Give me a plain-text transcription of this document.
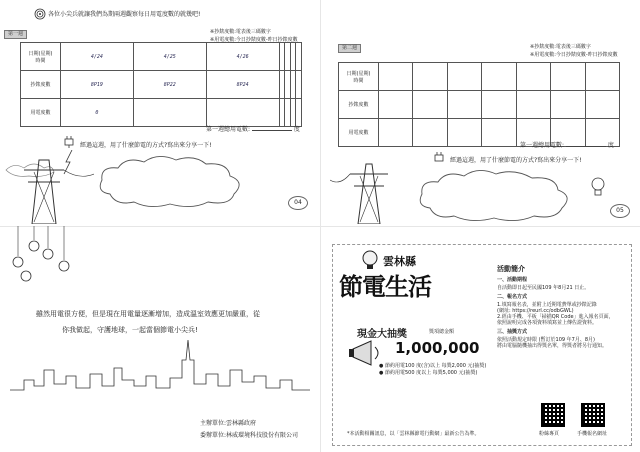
各位小尖兵就讓我們為期兩週觀察每日用電度數的就幾吧!
第一週	※抄錶度數:電表後三碼數字
※用電度數:今日抄錶度數-昨日抄錶度數
日期(星期)
時間	4/24	4/25	4/26				
抄錶度數	8P19	8P22	8P24				
用電度數	0						
第一週總用電數:	度
經過這週，用了什麼節電的方式?寫出來分享一下!
04
第二週	※抄錶度數:電表後三碼數字
※用電度數:今日抄錶度數-昨日抄錶度數
日期(星期)
時間							
抄錶度數							
用電度數							
第一週總用電數:	度
經過這週，用了什麼節電的方式?寫出來分享一下!
05
雖然用電很方便，但是現在用電量逐漸增加，造成溫室效應更加嚴重，從
你我做起，守護地球，一起當個節電小尖兵!
主辦單位:雲林縣政府
委辦單位:林威環境科技股份有限公司
雲林縣
節電生活
現金大抽獎	獎項總金額
1,000,000
● 節約用電100 度(含)以上 每獎2,000 元(抽獎)
● 節約用電500 度以上 每獎5,000 元(抽獎)
活動簡介
一、活動期程
自活動即日起至民國109 年8月21 日止。
二、報名方式
1.填寫報名表，並附上近期電費單或抄錶記錄
(網址: https://reurl.cc/odbGWL)
2.經由手機、平板「掃描QR Code」進入報名頁面，
依照說明完成各項資料填寫並上傳佐證資料。
三、抽獎方式
依照活動規定時限 (暫訂於109 年7月、8月)
將由電腦隨機抽出得獎名單，得獎者將另行通知。
粉絲專頁	手機報名網址
*本活動相關訊息，以「雲林縣節電行動網」最新公告為準。
